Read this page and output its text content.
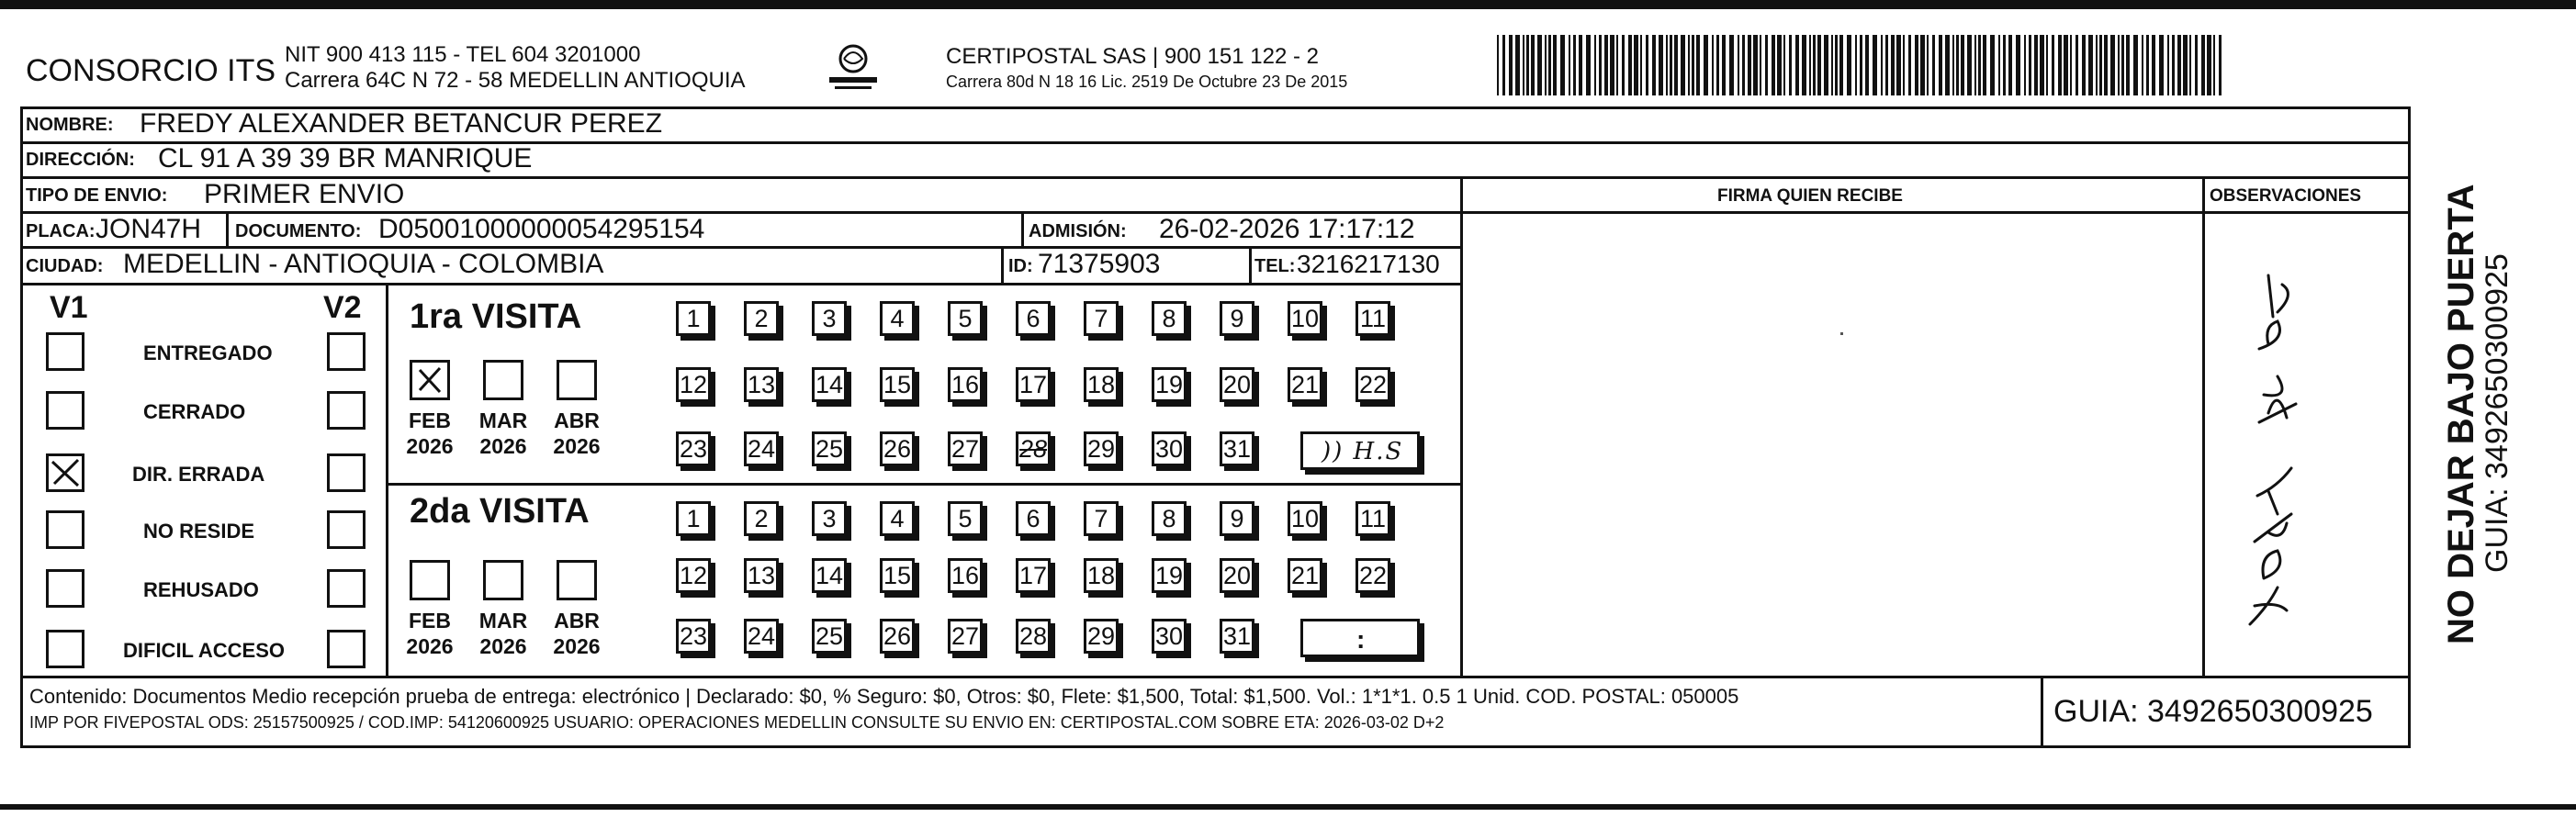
CONSORCIO ITS NIT 900 413 115 - TEL 604 3201000
Carrera 64C N 72 - 58 MEDELLIN ANTIOQUIA
CERTIPOSTAL SAS | 900 151 122 - 2
Carrera 80d N 18 16 Lic. 2519 De Octubre 23 De 2015
NOMBRE: FREDY ALEXANDER BETANCUR PEREZ
DIRECCIÓN: CL 91 A 39 39 BR MANRIQUE
TIPO DE ENVIO: PRIMER ENVIO	FIRMA QUIEN RECIBE	OBSERVACIONES
PLACA: JON47H DOCUMENTO: D05001000000054295154	ADMISIÓN: 26-02-2026 17:17:12
CIUDAD: MEDELLIN - ANTIOQUIA - COLOMBIA	ID: 71375903	TEL: 3216217130
V1	V2
ENTREGADO
CERRADO
DIR. ERRADA
NO RESIDE
REHUSADO
DIFICIL ACCESO
1ra VISITA
FEB
2026
MAR
2026
ABR
2026
2da VISITA
FEB
2026
MAR
2026
ABR
2026
1	2	3	4	5	6	7	8	9	10 11
12 13 14 15 16 17 18 19 20 21 22
23 24 25 26 27 28 29 30 31
1	2	3	4	5	6	7	8	9	10 11
12 13 14 15 16 17 18 19 20 21 22
23 24 25 26 27 28 29 30 31
)) H.S
:
Contenido: Documentos Medio recepción prueba de entrega: electrónico | Declarado: $0, % Seguro: $0, Otros: $0, Flete: $1,500, Total: $1,500. Vol.: 1*1*1. 0.5 1 Unid. COD. POSTAL: 050005
IMP POR FIVEPOSTAL ODS: 25157500925 / COD.IMP: 54120600925 USUARIO: OPERACIONES MEDELLIN CONSULTE SU ENVIO EN: CERTIPOSTAL.COM SOBRE ETA: 2026-03-02 D+2	GUIA: 3492650300925
NO DEJAR BAJO PUERTA
GUIA: 3492650300925
